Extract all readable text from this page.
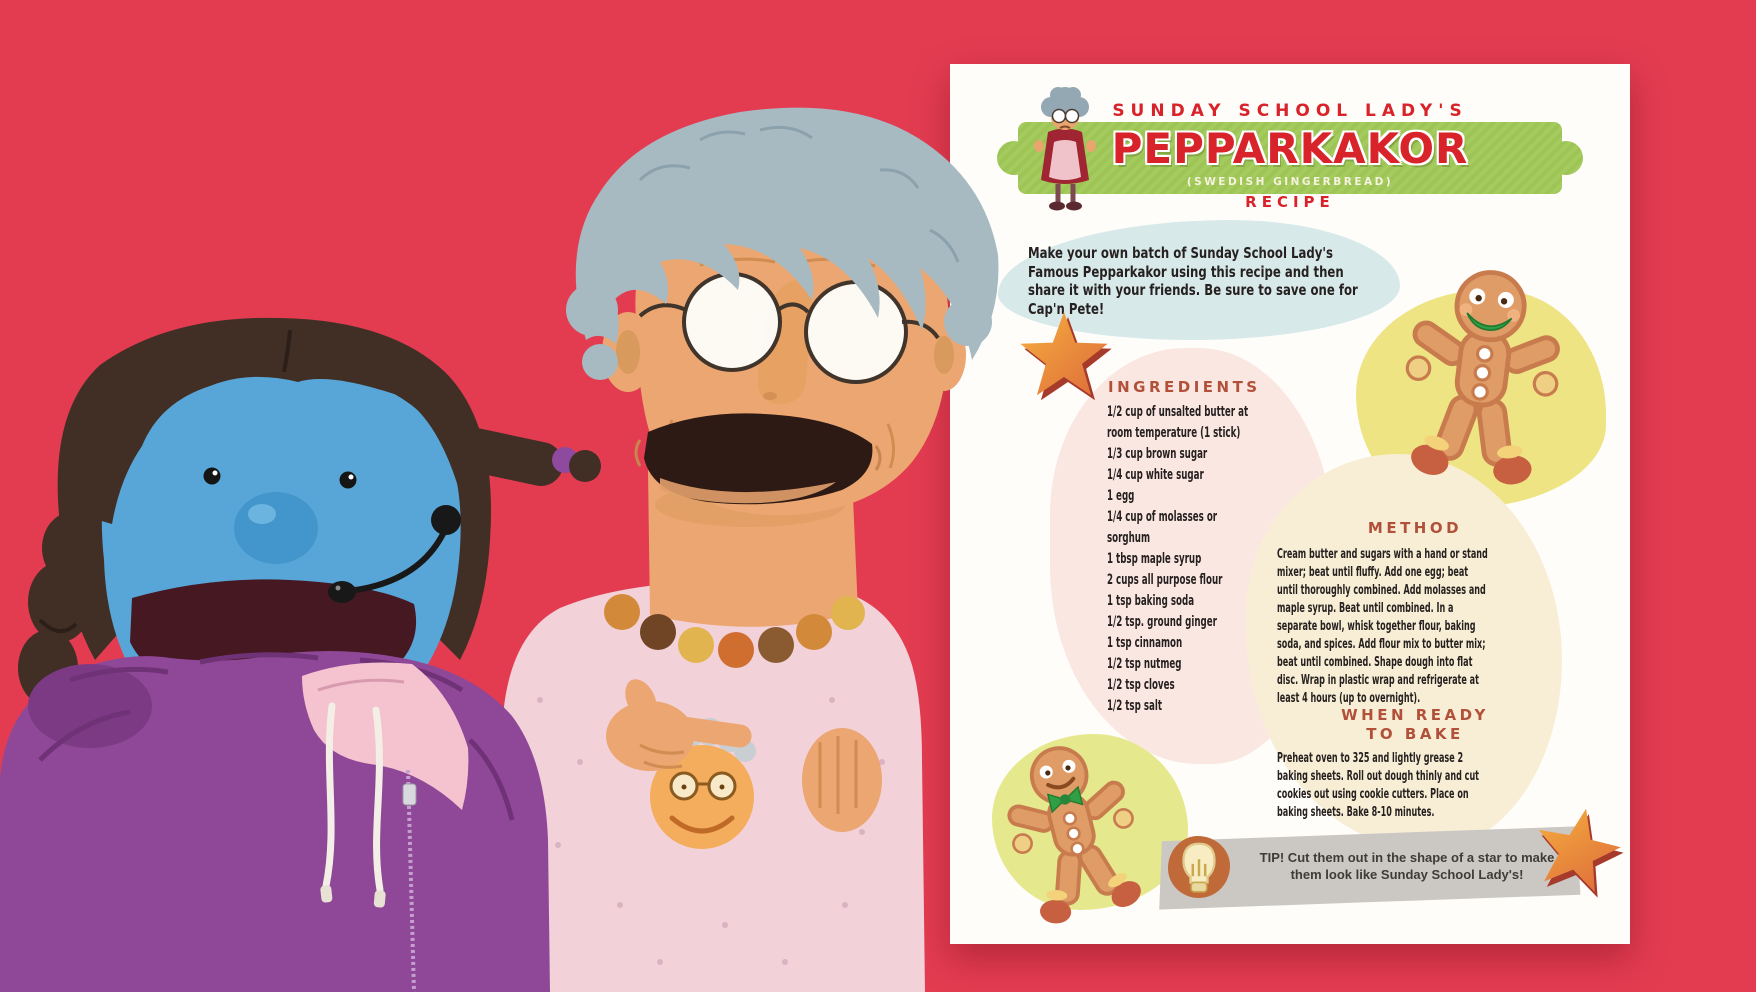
SUNDAY SCHOOL LADY'S
PEPPARKAKOR
(SWEDISH GINGERBREAD)
RECIPE
Make your own batch of Sunday School Lady's Famous Pepparkakor using this recipe and then share it with your friends. Be sure to save one for Cap'n Pete!
INGREDIENTS
1/2 cup of unsalted butter at room temperature (1 stick)
1/3 cup brown sugar
1/4 cup white sugar
1 egg
1/4 cup of molasses or sorghum
1 tbsp maple syrup
2 cups all purpose flour
1 tsp baking soda
1/2 tsp. ground ginger
1 tsp cinnamon
1/2 tsp nutmeg
1/2 tsp cloves
1/2 tsp salt
METHOD
Cream butter and sugars with a hand or stand mixer; beat until fluffy. Add one egg; beat until thoroughly combined. Add molasses and maple syrup. Beat until combined. In a separate bowl, whisk together flour, baking soda, and spices. Add flour mix to butter mix; beat until combined. Shape dough into flat disc. Wrap in plastic wrap and refrigerate at least 4 hours (up to overnight).
WHEN READY
TO BAKE
Preheat oven to 325 and lightly grease 2 baking sheets. Roll out dough thinly and cut cookies out using cookie cutters. Place on baking sheets. Bake 8-10 minutes.
TIP! Cut them out in the shape of a star to make them look like Sunday School Lady's!
